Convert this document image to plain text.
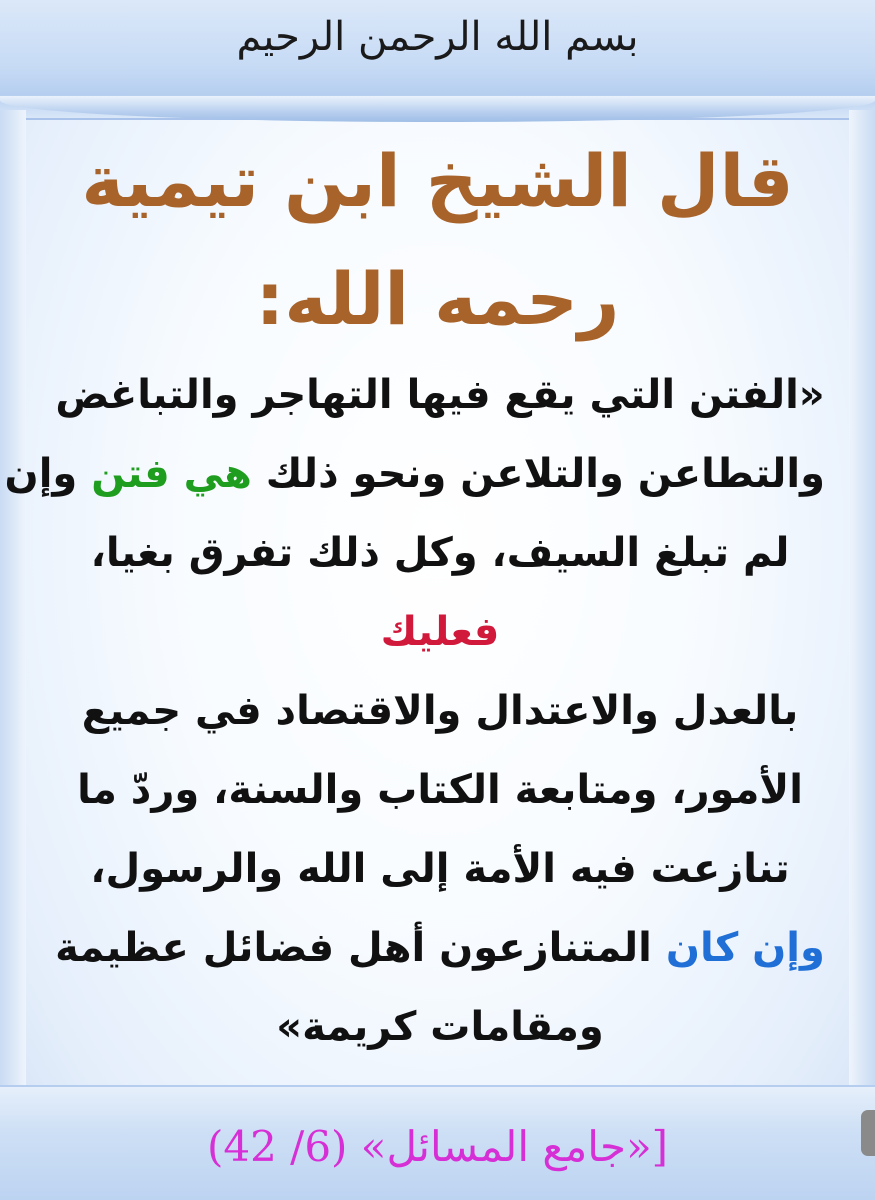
بسم الله الرحمن الرحيم
قال الشيخ ابن تيمية
رحمه الله:
«الفتن التي يقع فيها التهاجر والتباغض
والتطاعن والتلاعن ونحو ذلك هي فتن وإن
لم تبلغ السيف، وكل ذلك تفرق بغيا،
فعليك
بالعدل والاعتدال والاقتصاد في جميع
الأمور، ومتابعة الكتاب والسنة، وردّ ما
تنازعت فيه الأمة إلى الله والرسول،
وإن كان المتنازعون أهل فضائل عظيمة
ومقامات كريمة»
[«جامع المسائل» (6/ 42)
